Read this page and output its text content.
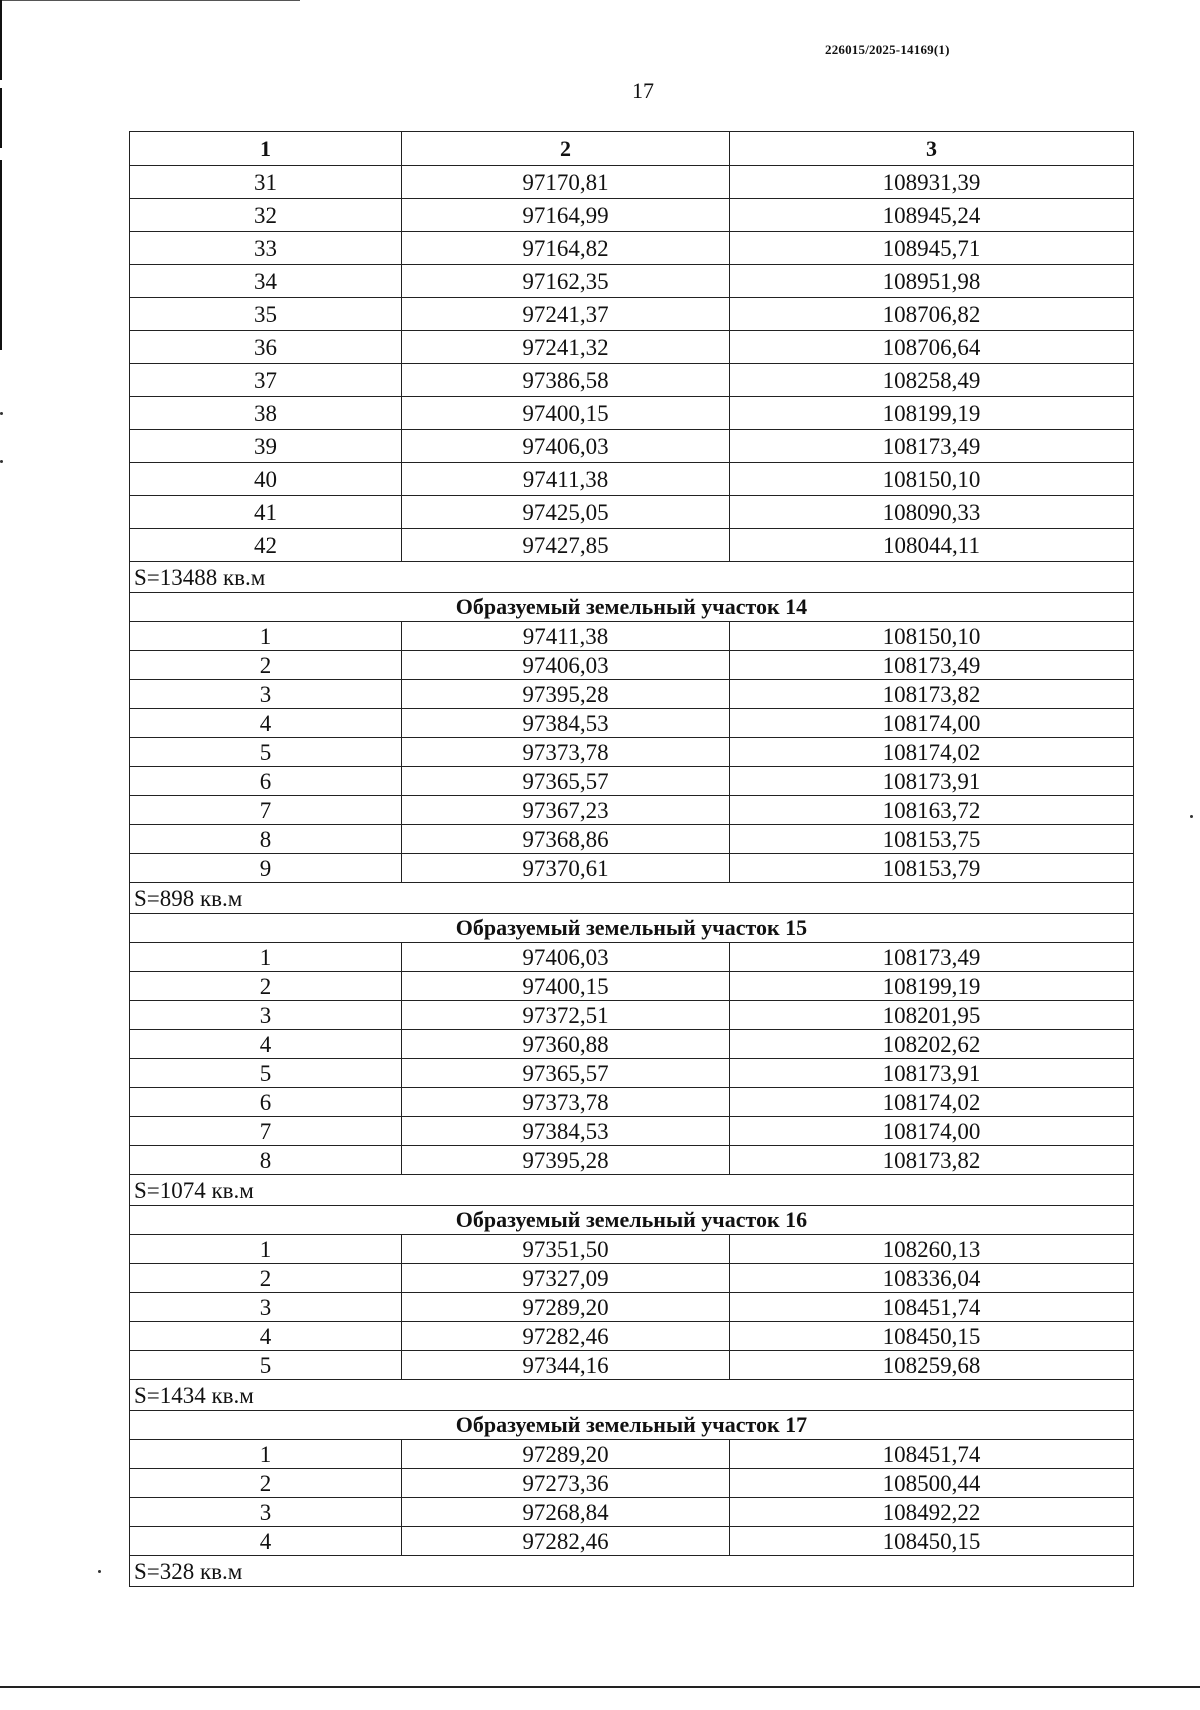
226015/2025-14169(1)
17
1	2	3
31	97170,81	108931,39
32	97164,99	108945,24
33	97164,82	108945,71
34	97162,35	108951,98
35	97241,37	108706,82
36	97241,32	108706,64
37	97386,58	108258,49
38	97400,15	108199,19
39	97406,03	108173,49
40	97411,38	108150,10
41	97425,05	108090,33
42	97427,85	108044,11
S=13488 кв.м		
Образуемый земельный участок 14		
1	97411,38	108150,10
2	97406,03	108173,49
3	97395,28	108173,82
4	97384,53	108174,00
5	97373,78	108174,02
6	97365,57	108173,91
7	97367,23	108163,72
8	97368,86	108153,75
9	97370,61	108153,79
S=898 кв.м		
Образуемый земельный участок 15		
1	97406,03	108173,49
2	97400,15	108199,19
3	97372,51	108201,95
4	97360,88	108202,62
5	97365,57	108173,91
6	97373,78	108174,02
7	97384,53	108174,00
8	97395,28	108173,82
S=1074 кв.м		
Образуемый земельный участок 16		
1	97351,50	108260,13
2	97327,09	108336,04
3	97289,20	108451,74
4	97282,46	108450,15
5	97344,16	108259,68
S=1434 кв.м		
Образуемый земельный участок 17		
1	97289,20	108451,74
2	97273,36	108500,44
3	97268,84	108492,22
4	97282,46	108450,15
S=328 кв.м		
